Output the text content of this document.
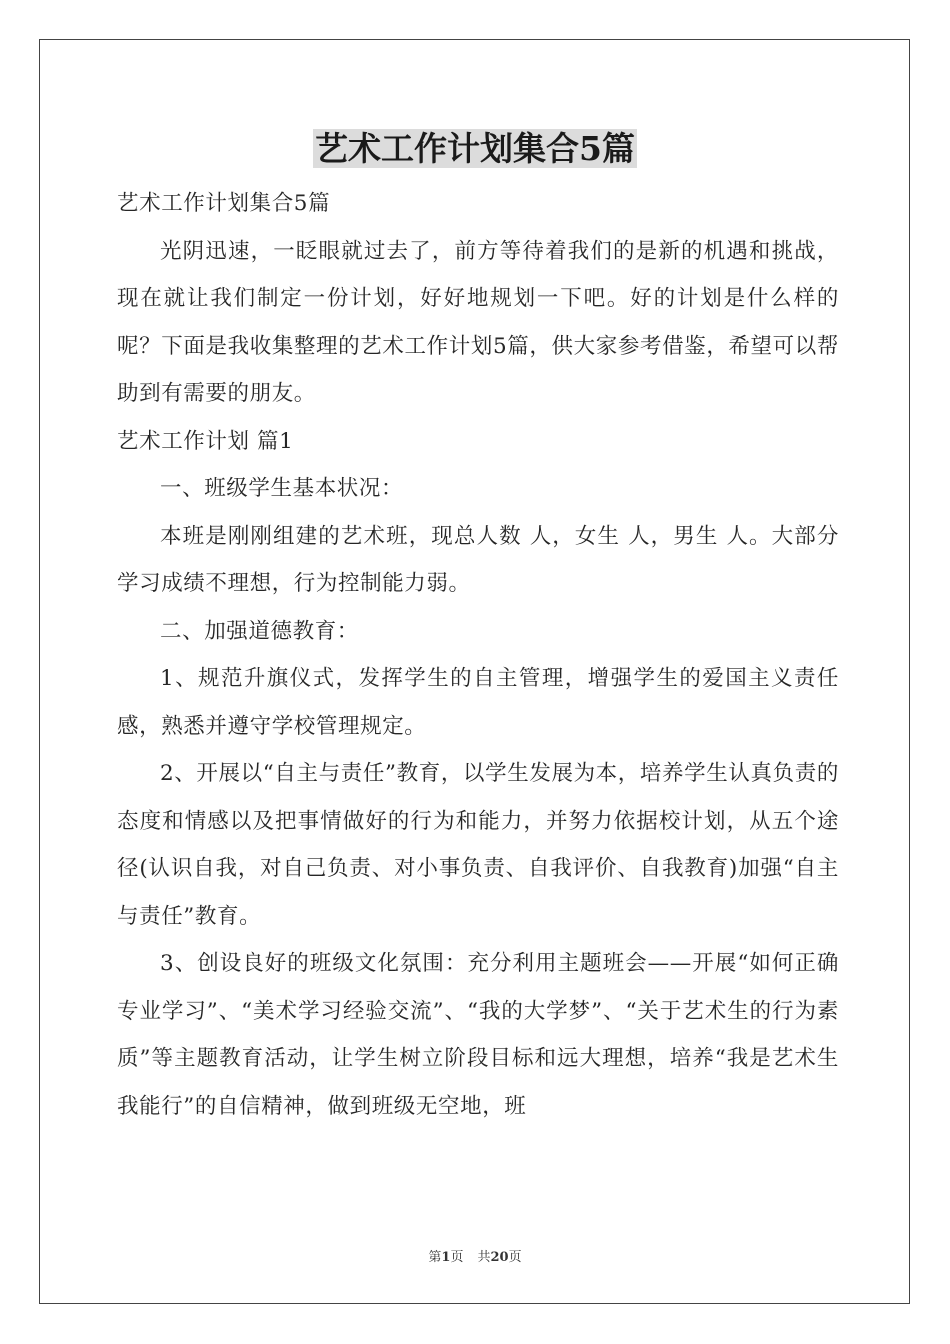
艺术工作计划集合5篇

艺术工作计划集合5篇

光阴迅速，一眨眼就过去了，前方等待着我们的是新的机遇和挑战，现在就让我们制定一份计划，好好地规划一下吧。好的计划是什么样的呢？下面是我收集整理的艺术工作计划5篇，供大家参考借鉴，希望可以帮助到有需要的朋友。

艺术工作计划 篇1

一、班级学生基本状况：

本班是刚刚组建的艺术班，现总人数 人，女生 人，男生 人。大部分学习成绩不理想，行为控制能力弱。

二、加强道德教育：

1、规范升旗仪式，发挥学生的自主管理，增强学生的爱国主义责任感，熟悉并遵守学校管理规定。

2、开展以“自主与责任”教育，以学生发展为本，培养学生认真负责的态度和情感以及把事情做好的行为和能力，并努力依据校计划，从五个途径(认识自我，对自己负责、对小事负责、自我评价、自我教育)加强“自主与责任”教育。

3、创设良好的班级文化氛围：充分利用主题班会——开展“如何正确专业学习”、“美术学习经验交流”、“我的大学梦”、“关于艺术生的行为素质”等主题教育活动，让学生树立阶段目标和远大理想，培养“我是艺术生我能行”的自信精神，做到班级无空地，班

第1页 共20页
